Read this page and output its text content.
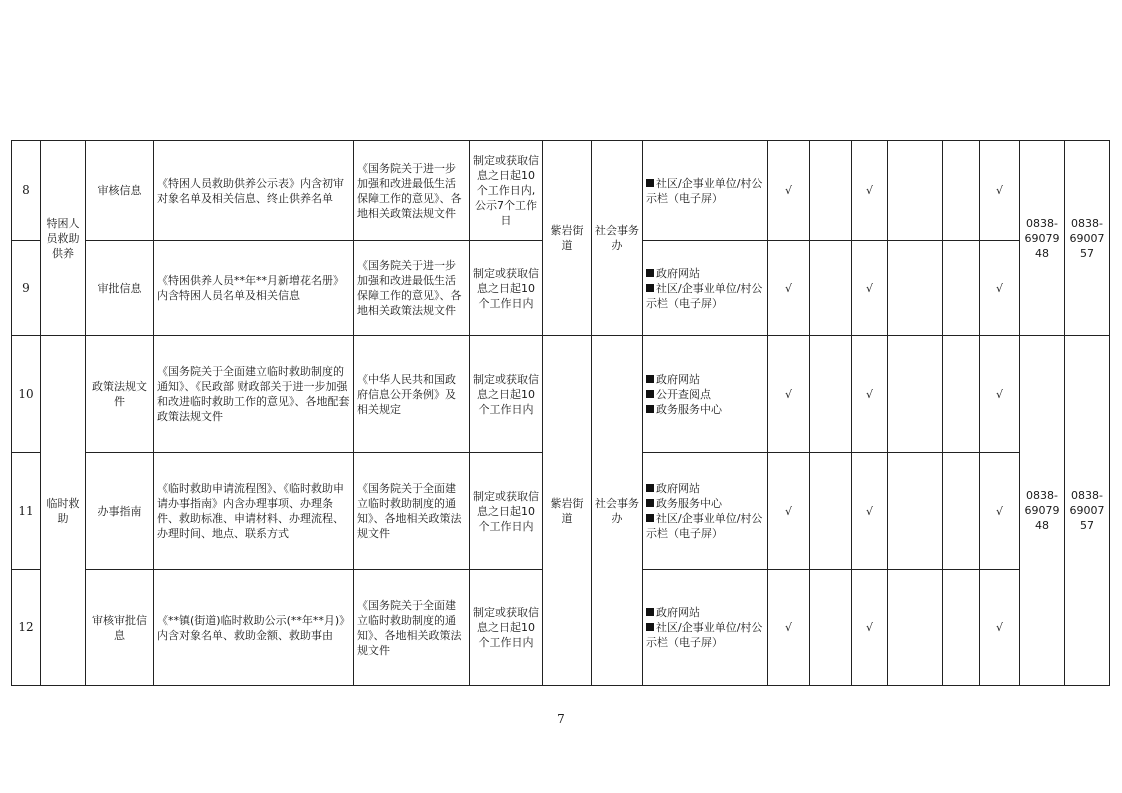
8	特困人员救助供养	审核信息	《特困人员救助供养公示表》内含初审对象名单及相关信息、终止供养名单	《国务院关于进一步加强和改进最低生活保障工作的意见》、各地相关政策法规文件	制定或获取信息之日起10个工作日内,公示7个工作日	紫岩街道	社会事务办	社区/企事业单位/村公示栏（电子屏）	√		√			√	0838-
69079
48	0838-
69007
57

9		审批信息	《特困供养人员**年**月新增花名册》内含特困人员名单及相关信息	《国务院关于进一步加强和改进最低生活保障工作的意见》、各地相关政策法规文件	制定或获取信息之日起10个工作日内			政府网站
社区/企事业单位/村公示栏（电子屏）	√		√			√		
10	临时救助	政策法规文件	《国务院关于全面建立临时救助制度的通知》、《民政部 财政部关于进一步加强和改进临时救助工作的意见》、各地配套政策法规文件	《中华人民共和国政府信息公开条例》及相关规定	制定或获取信息之日起10个工作日内	紫岩街道	社会事务办	政府网站
公开查阅点
政务服务中心	√		√			√	0838-
69079
48	0838-
69007
57

11		办事指南	《临时救助申请流程图》、《临时救助申请办事指南》内含办理事项、办理条件、救助标准、申请材料、办理流程、办理时间、地点、联系方式	《国务院关于全面建立临时救助制度的通知》、各地相关政策法规文件	制定或获取信息之日起10个工作日内			政府网站
政务服务中心
社区/企事业单位/村公示栏（电子屏）	√		√			√		
12		审核审批信息	《**镇(街道)临时救助公示(**年**月)》内含对象名单、救助金额、救助事由	《国务院关于全面建立临时救助制度的通知》、各地相关政策法规文件	制定或获取信息之日起10个工作日内			政府网站
社区/企事业单位/村公示栏（电子屏）	√		√			√		
7
